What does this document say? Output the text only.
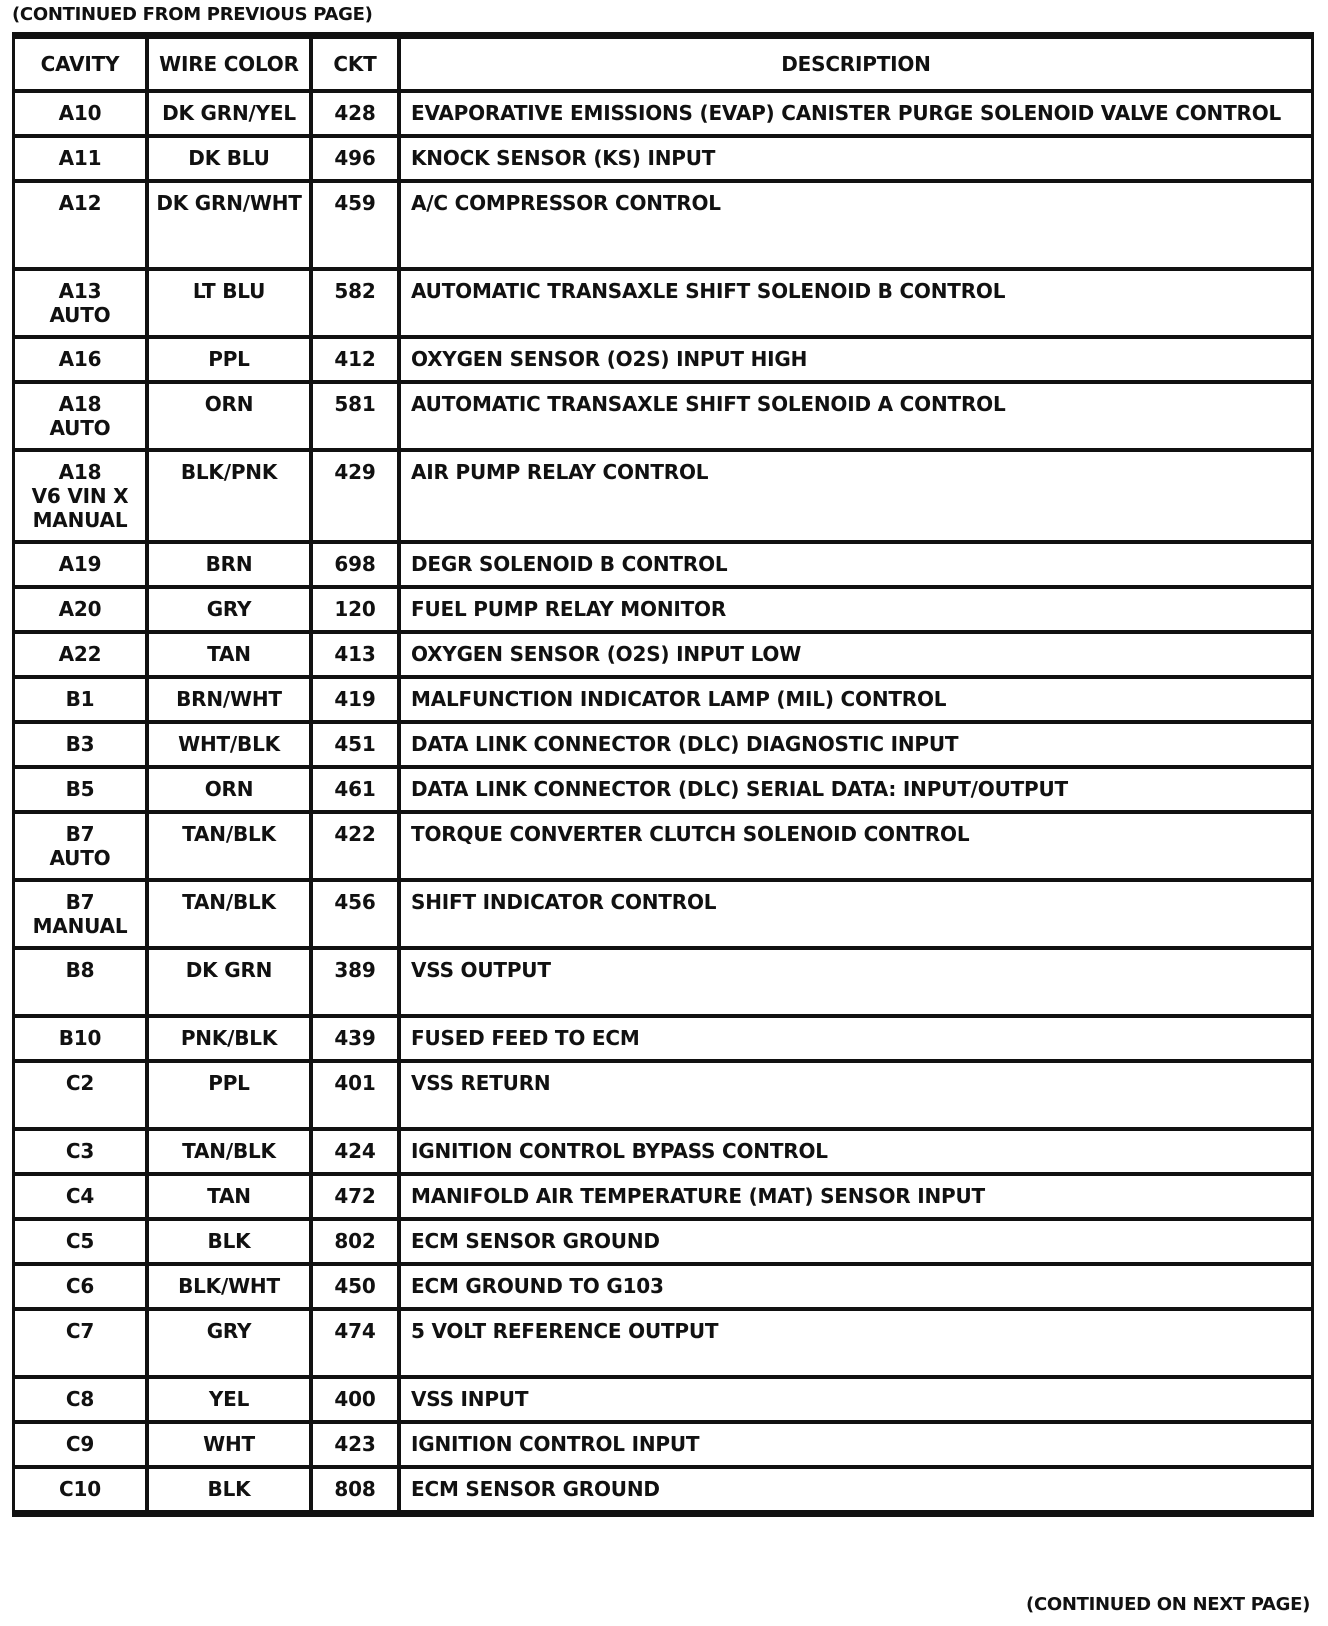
(CONTINUED FROM PREVIOUS PAGE)
CAVITY	WIRE COLOR	CKT	DESCRIPTION
A10	DK GRN/YEL	428	EVAPORATIVE EMISSIONS (EVAP) CANISTER PURGE SOLENOID VALVE CONTROL
A11	DK BLU	496	KNOCK SENSOR (KS) INPUT
A12	DK GRN/WHT	459	A/C COMPRESSOR CONTROL
A13
AUTO	LT BLU	582	AUTOMATIC TRANSAXLE SHIFT SOLENOID B CONTROL
A16	PPL	412	OXYGEN SENSOR (O2S) INPUT HIGH
A18
AUTO	ORN	581	AUTOMATIC TRANSAXLE SHIFT SOLENOID A CONTROL
A18
V6 VIN X
MANUAL	BLK/PNK	429	AIR PUMP RELAY CONTROL
A19	BRN	698	DEGR SOLENOID B CONTROL
A20	GRY	120	FUEL PUMP RELAY MONITOR
A22	TAN	413	OXYGEN SENSOR (O2S) INPUT LOW
B1	BRN/WHT	419	MALFUNCTION INDICATOR LAMP (MIL) CONTROL
B3	WHT/BLK	451	DATA LINK CONNECTOR (DLC) DIAGNOSTIC INPUT
B5	ORN	461	DATA LINK CONNECTOR (DLC) SERIAL DATA: INPUT/OUTPUT
B7
AUTO	TAN/BLK	422	TORQUE CONVERTER CLUTCH SOLENOID CONTROL
B7
MANUAL	TAN/BLK	456	SHIFT INDICATOR CONTROL
B8	DK GRN	389	VSS OUTPUT
B10	PNK/BLK	439	FUSED FEED TO ECM
C2	PPL	401	VSS RETURN
C3	TAN/BLK	424	IGNITION CONTROL BYPASS CONTROL
C4	TAN	472	MANIFOLD AIR TEMPERATURE (MAT) SENSOR INPUT
C5	BLK	802	ECM SENSOR GROUND
C6	BLK/WHT	450	ECM GROUND TO G103
C7	GRY	474	5 VOLT REFERENCE OUTPUT
C8	YEL	400	VSS INPUT
C9	WHT	423	IGNITION CONTROL INPUT
C10	BLK	808	ECM SENSOR GROUND
(CONTINUED ON NEXT PAGE)
